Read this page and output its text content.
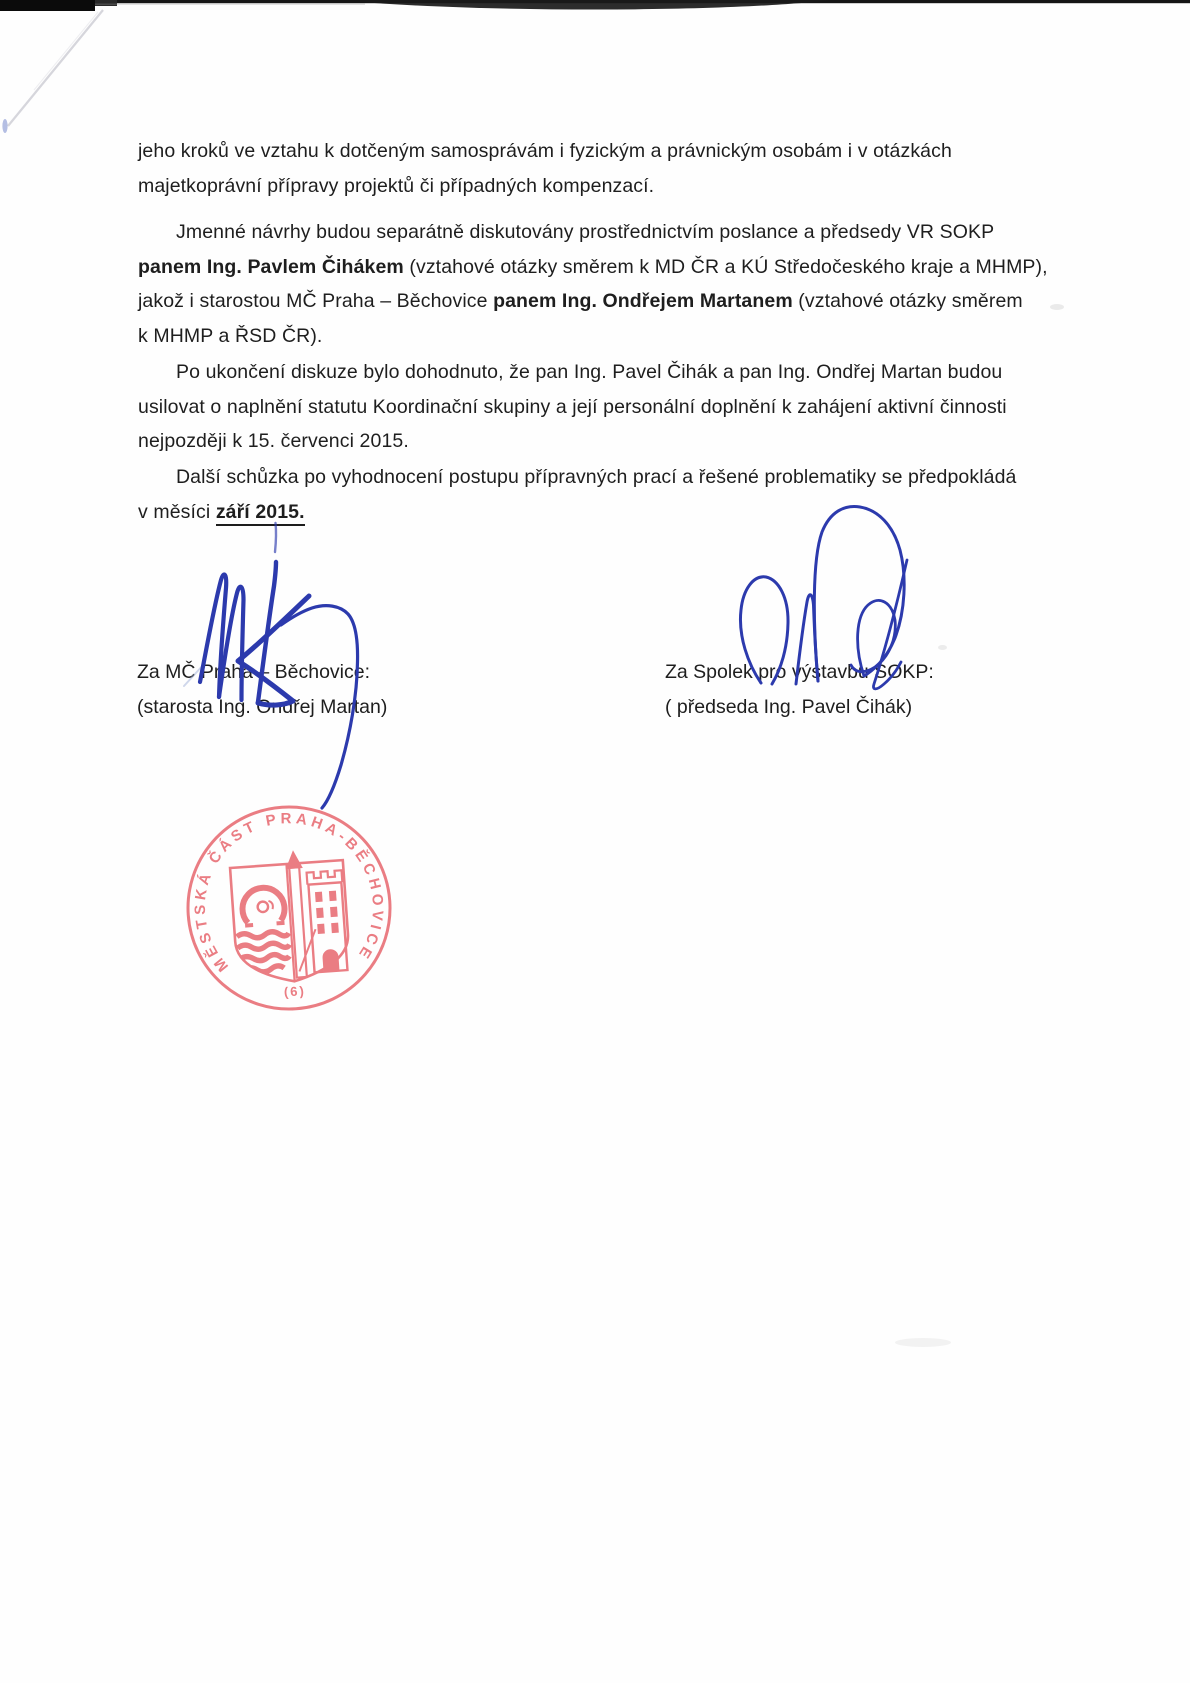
jeho kroků ve vztahu k dotčeným samosprávám i fyzickým a právnickým osobám i v otázkách
majetkoprávní přípravy projektů či případných kompenzací.

Jmenné návrhy budou separátně diskutovány prostřednictvím poslance a předsedy VR SOKP
panem Ing. Pavlem Čihákem (vztahové otázky směrem k MD ČR a KÚ Středočeského kraje a MHMP),
jakož i starostou MČ Praha – Běchovice panem Ing. Ondřejem Martanem (vztahové otázky směrem
k MHMP a ŘSD ČR).

Po ukončení diskuze bylo dohodnuto, že pan Ing. Pavel Čihák a pan Ing. Ondřej Martan budou
usilovat o naplnění statutu Koordinační skupiny a její personální doplnění k zahájení aktivní činnosti
nejpozději k 15. červenci 2015.

Další schůzka po vyhodnocení postupu přípravných prací a řešené problematiky se předpokládá
v měsíci září 2015.

Za MČ Praha – Běchovice:
(starosta Ing. Ondřej Martan)
Za Spolek pro výstavbu SOKP:
( předseda Ing. Pavel Čihák)
MĚSTSKÁ ČÁST PRAHA-BĚCHOVICE
(6)
